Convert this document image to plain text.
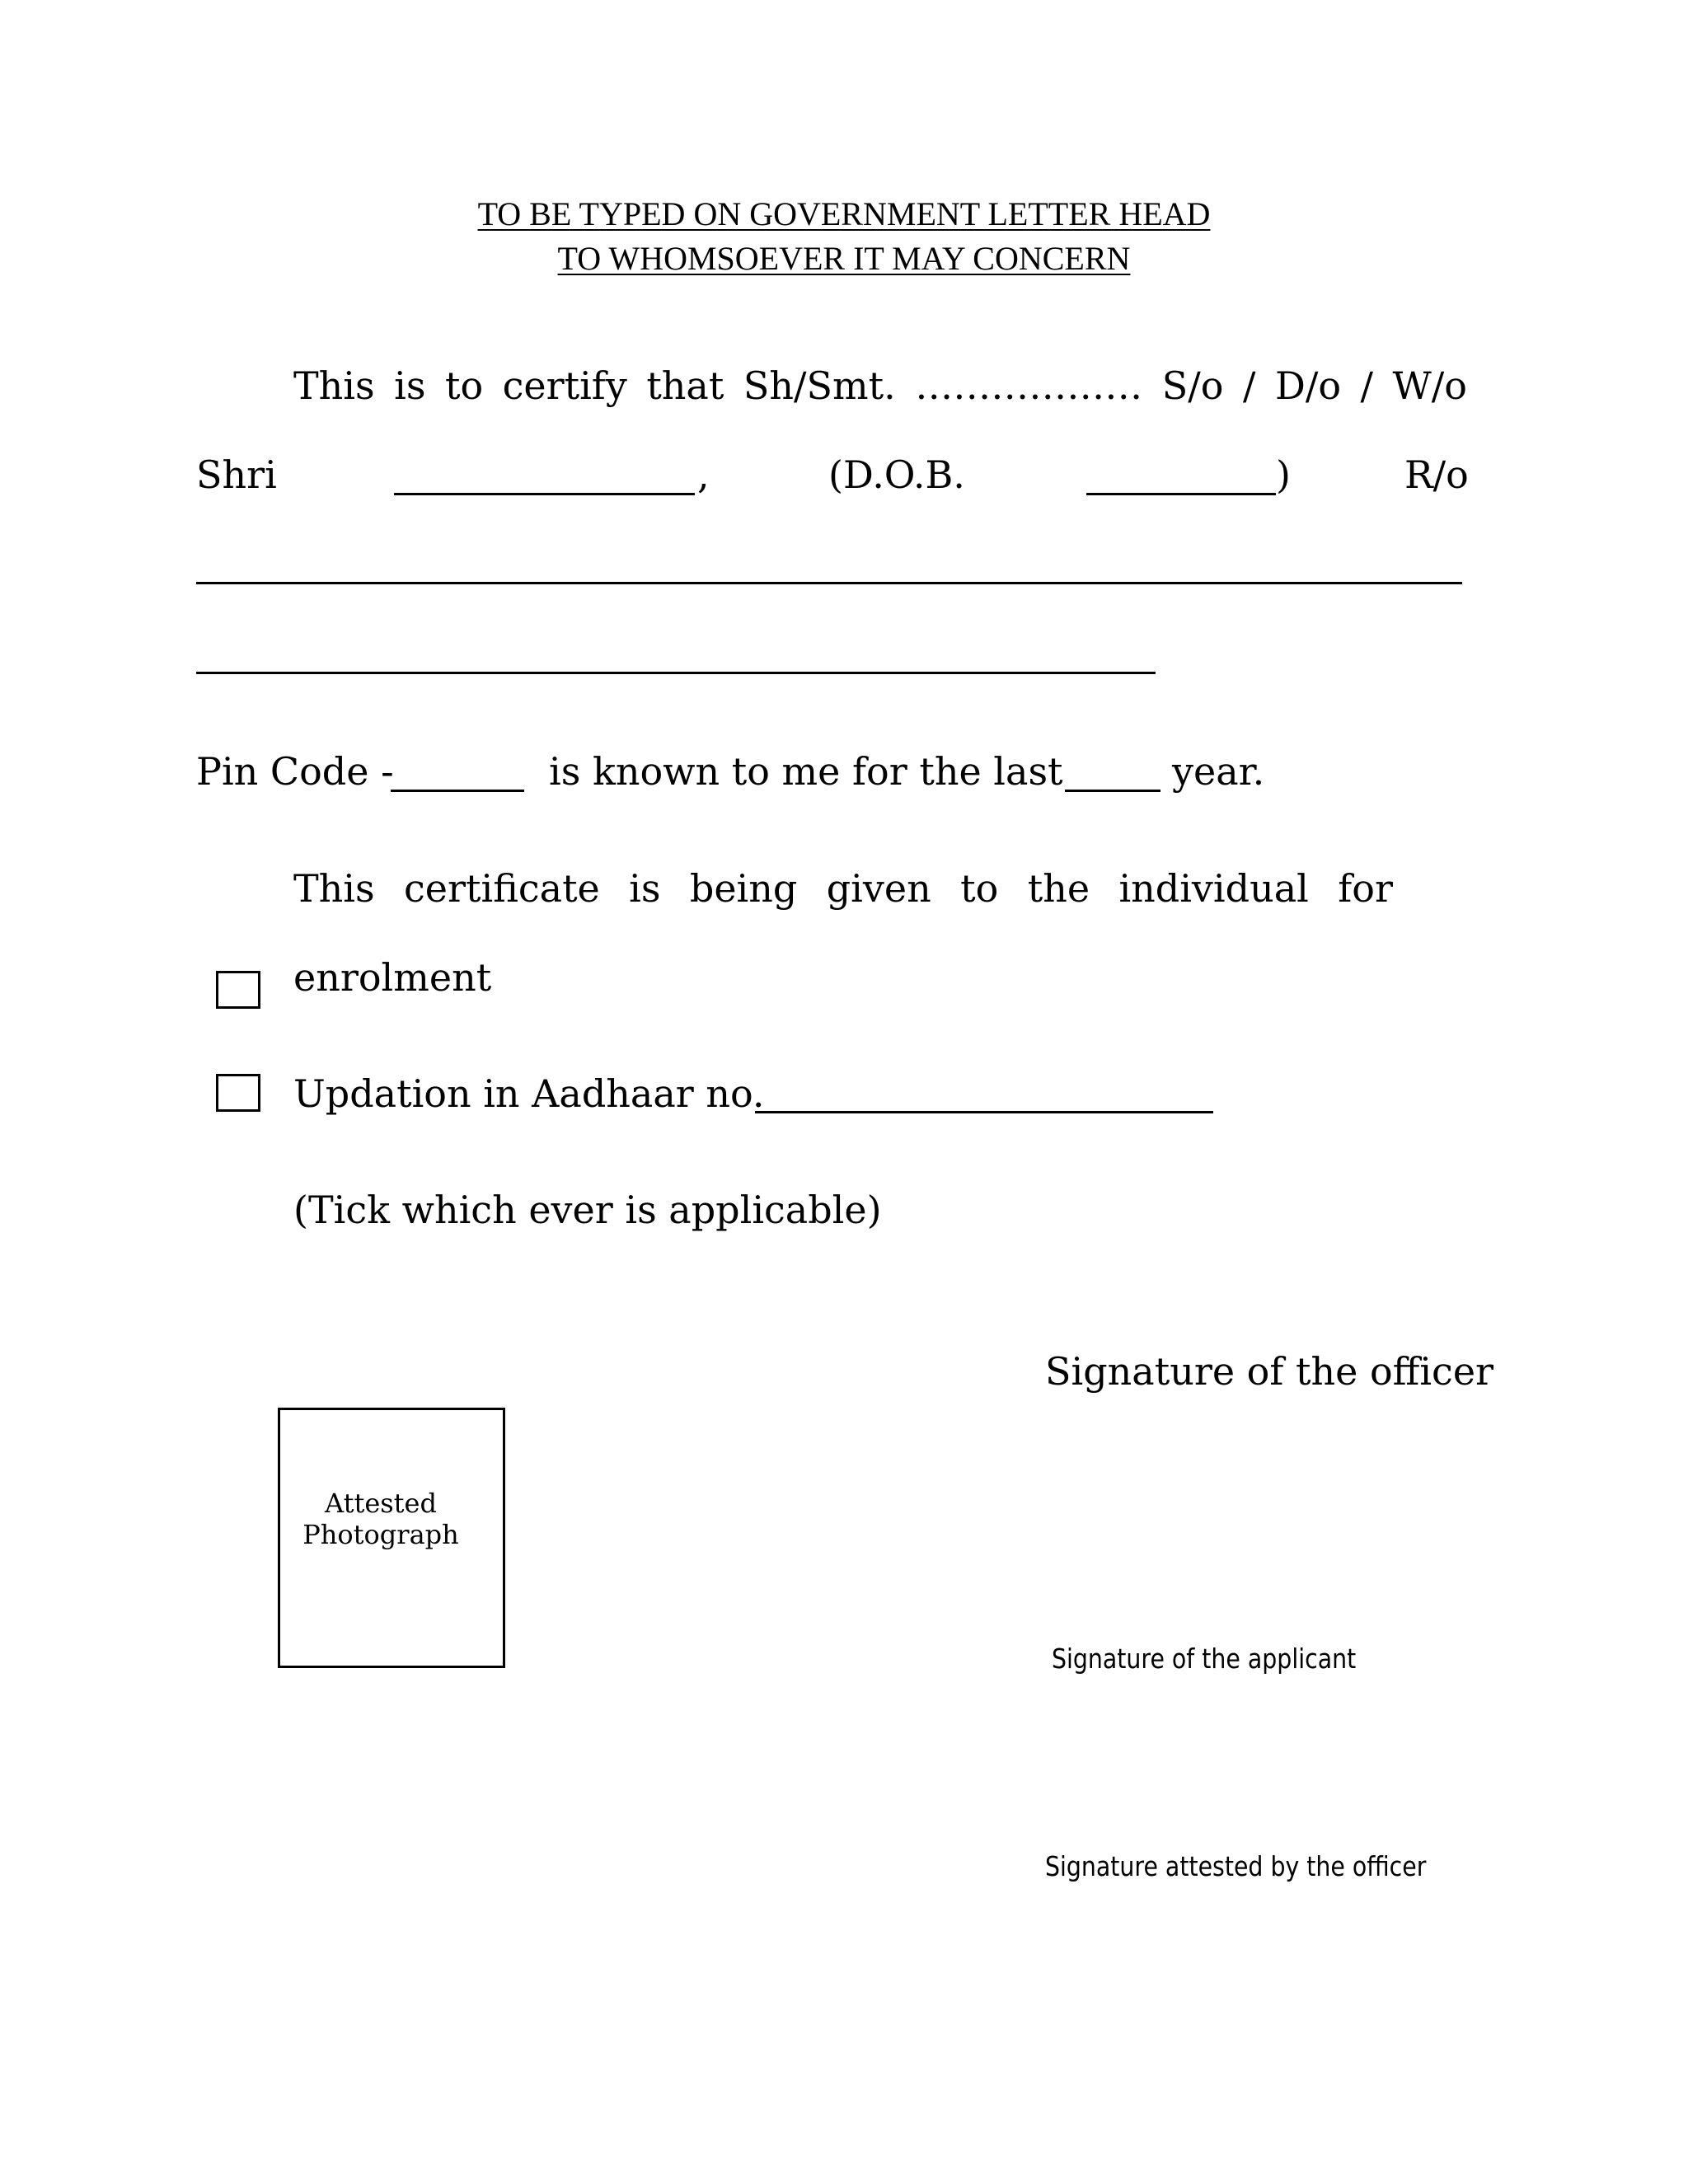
TO BE TYPED ON GOVERNMENT LETTER HEAD
TO WHOMSOEVER IT MAY CONCERN
This is to certify that Sh/Smt. ……………… S/o / D/o / W/o
Shri	,	(D.O.B.	)	R/o
Pin Code -	is known to me for the last	year.
This certificate is being given to the individual for
enrolment
Updation in Aadhaar no.
(Tick which ever is applicable)
Signature of the officer
Attested
Photograph
Signature of the applicant
Signature attested by the officer
